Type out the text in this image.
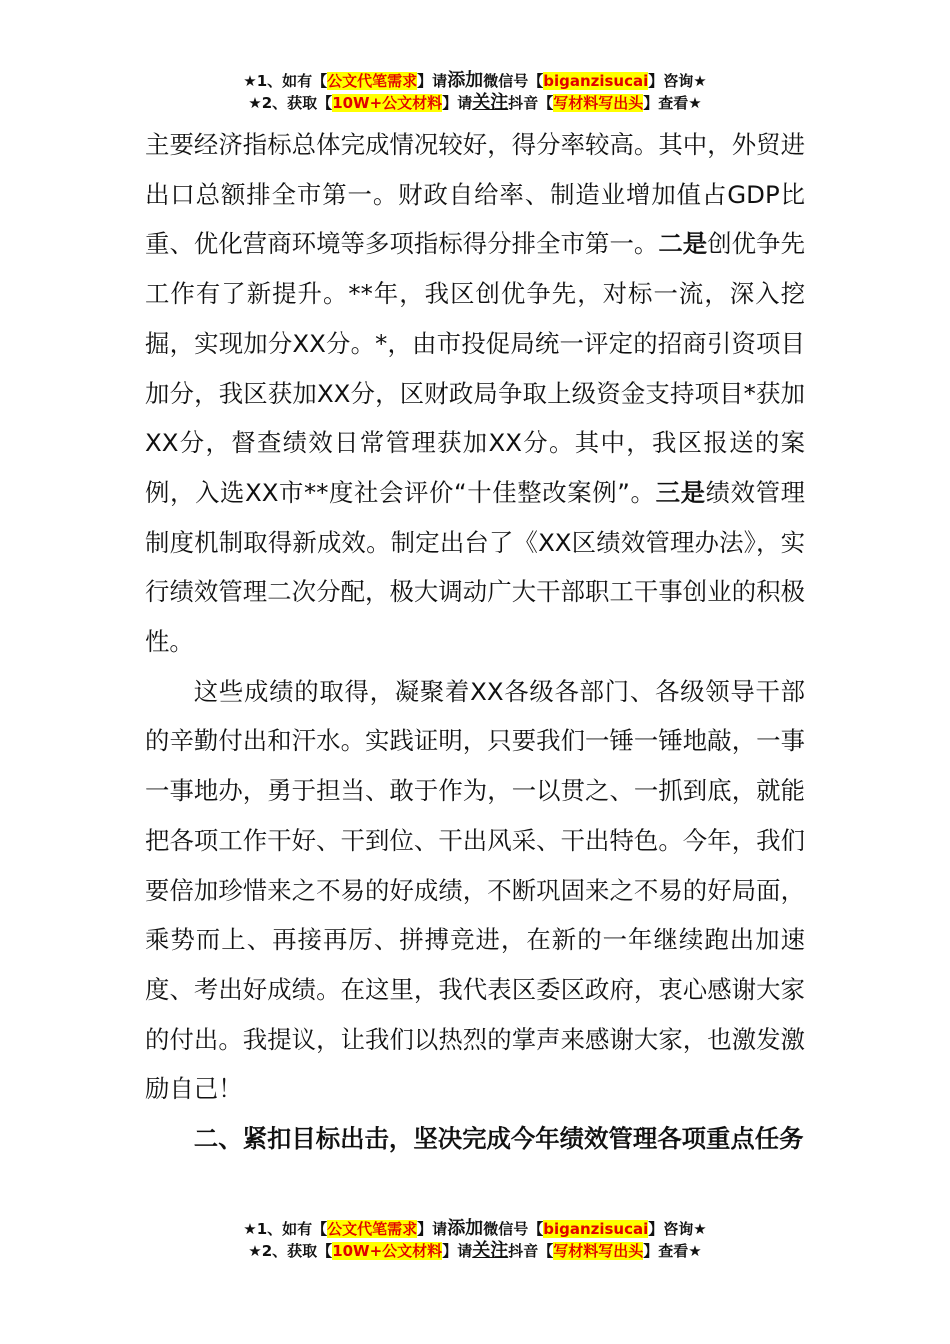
★1、如有【公文代笔需求】请添加微信号【biganzisucai】咨询★
★2、获取【10W+公文材料】请关注抖音【写材料写出头】查看★

主要经济指标总体完成情况较好，得分率较高。其中，外贸进出口总额排全市第一。财政自给率、制造业增加值占GDP比重、优化营商环境等多项指标得分排全市第一。二是创优争先工作有了新提升。**年，我区创优争先，对标一流，深入挖掘，实现加分XX分。*，由市投促局统一评定的招商引资项目加分，我区获加XX分，区财政局争取上级资金支持项目*获加XX分，督查绩效日常管理获加XX分。其中，我区报送的案例，入选XX市**度社会评价“十佳整改案例”。三是绩效管理制度机制取得新成效。制定出台了《XX区绩效管理办法》，实行绩效管理二次分配，极大调动广大干部职工干事创业的积极性。

这些成绩的取得，凝聚着XX各级各部门、各级领导干部的辛勤付出和汗水。实践证明，只要我们一锤一锤地敲，一事一事地办，勇于担当、敢于作为，一以贯之、一抓到底，就能把各项工作干好、干到位、干出风采、干出特色。今年，我们要倍加珍惜来之不易的好成绩，不断巩固来之不易的好局面，乘势而上、再接再厉、拼搏竞进，在新的一年继续跑出加速度、考出好成绩。在这里，我代表区委区政府，衷心感谢大家的付出。我提议，让我们以热烈的掌声来感谢大家，也激发激励自己！

二、紧扣目标出击，坚决完成今年绩效管理各项重点任务

★1、如有【公文代笔需求】请添加微信号【biganzisucai】咨询★
★2、获取【10W+公文材料】请关注抖音【写材料写出头】查看★
